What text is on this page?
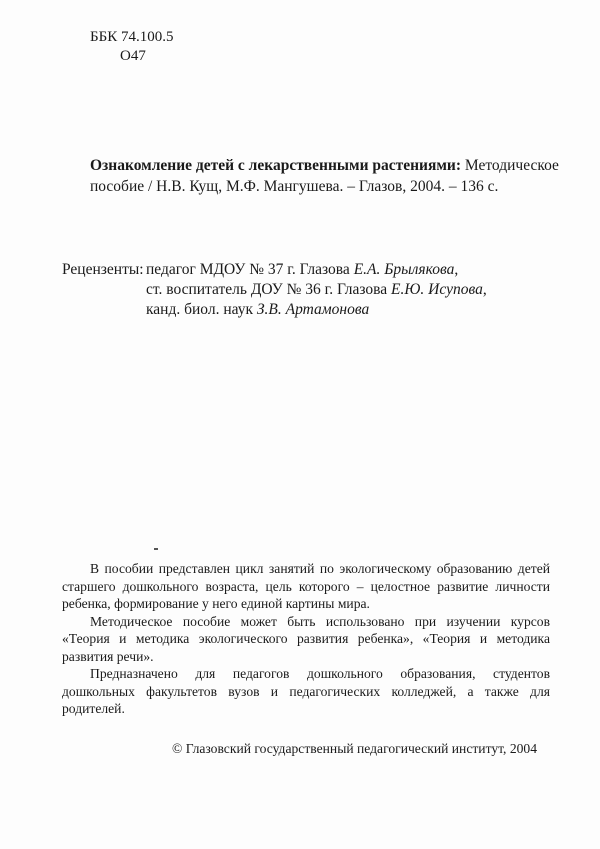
ББК 74.100.5
О47
Ознакомление детей с лекарственными растениями: Методическое пособие / Н.В. Кущ, М.Ф. Мангушева. – Глазов, 2004. – 136 с.
Рецензенты: педагог МДОУ № 37 г. Глазова Е.А. Брылякова,
ст. воспитатель ДОУ № 36 г. Глазова Е.Ю. Исупова,
канд. биол. наук З.В. Артамонова

В пособии представлен цикл занятий по экологическому образованию детей старшего дошкольного возраста, цель которого – целостное развитие личности ребенка, формирование у него единой картины мира.

Методическое пособие может быть использовано при изучении курсов «Теория и методика экологического развития ребенка», «Теория и методика развития речи».

Предназначено для педагогов дошкольного образования, студентов дошкольных факультетов вузов и педагогических колледжей, а также для родителей.

© Глазовский государственный педагогический институт, 2004
